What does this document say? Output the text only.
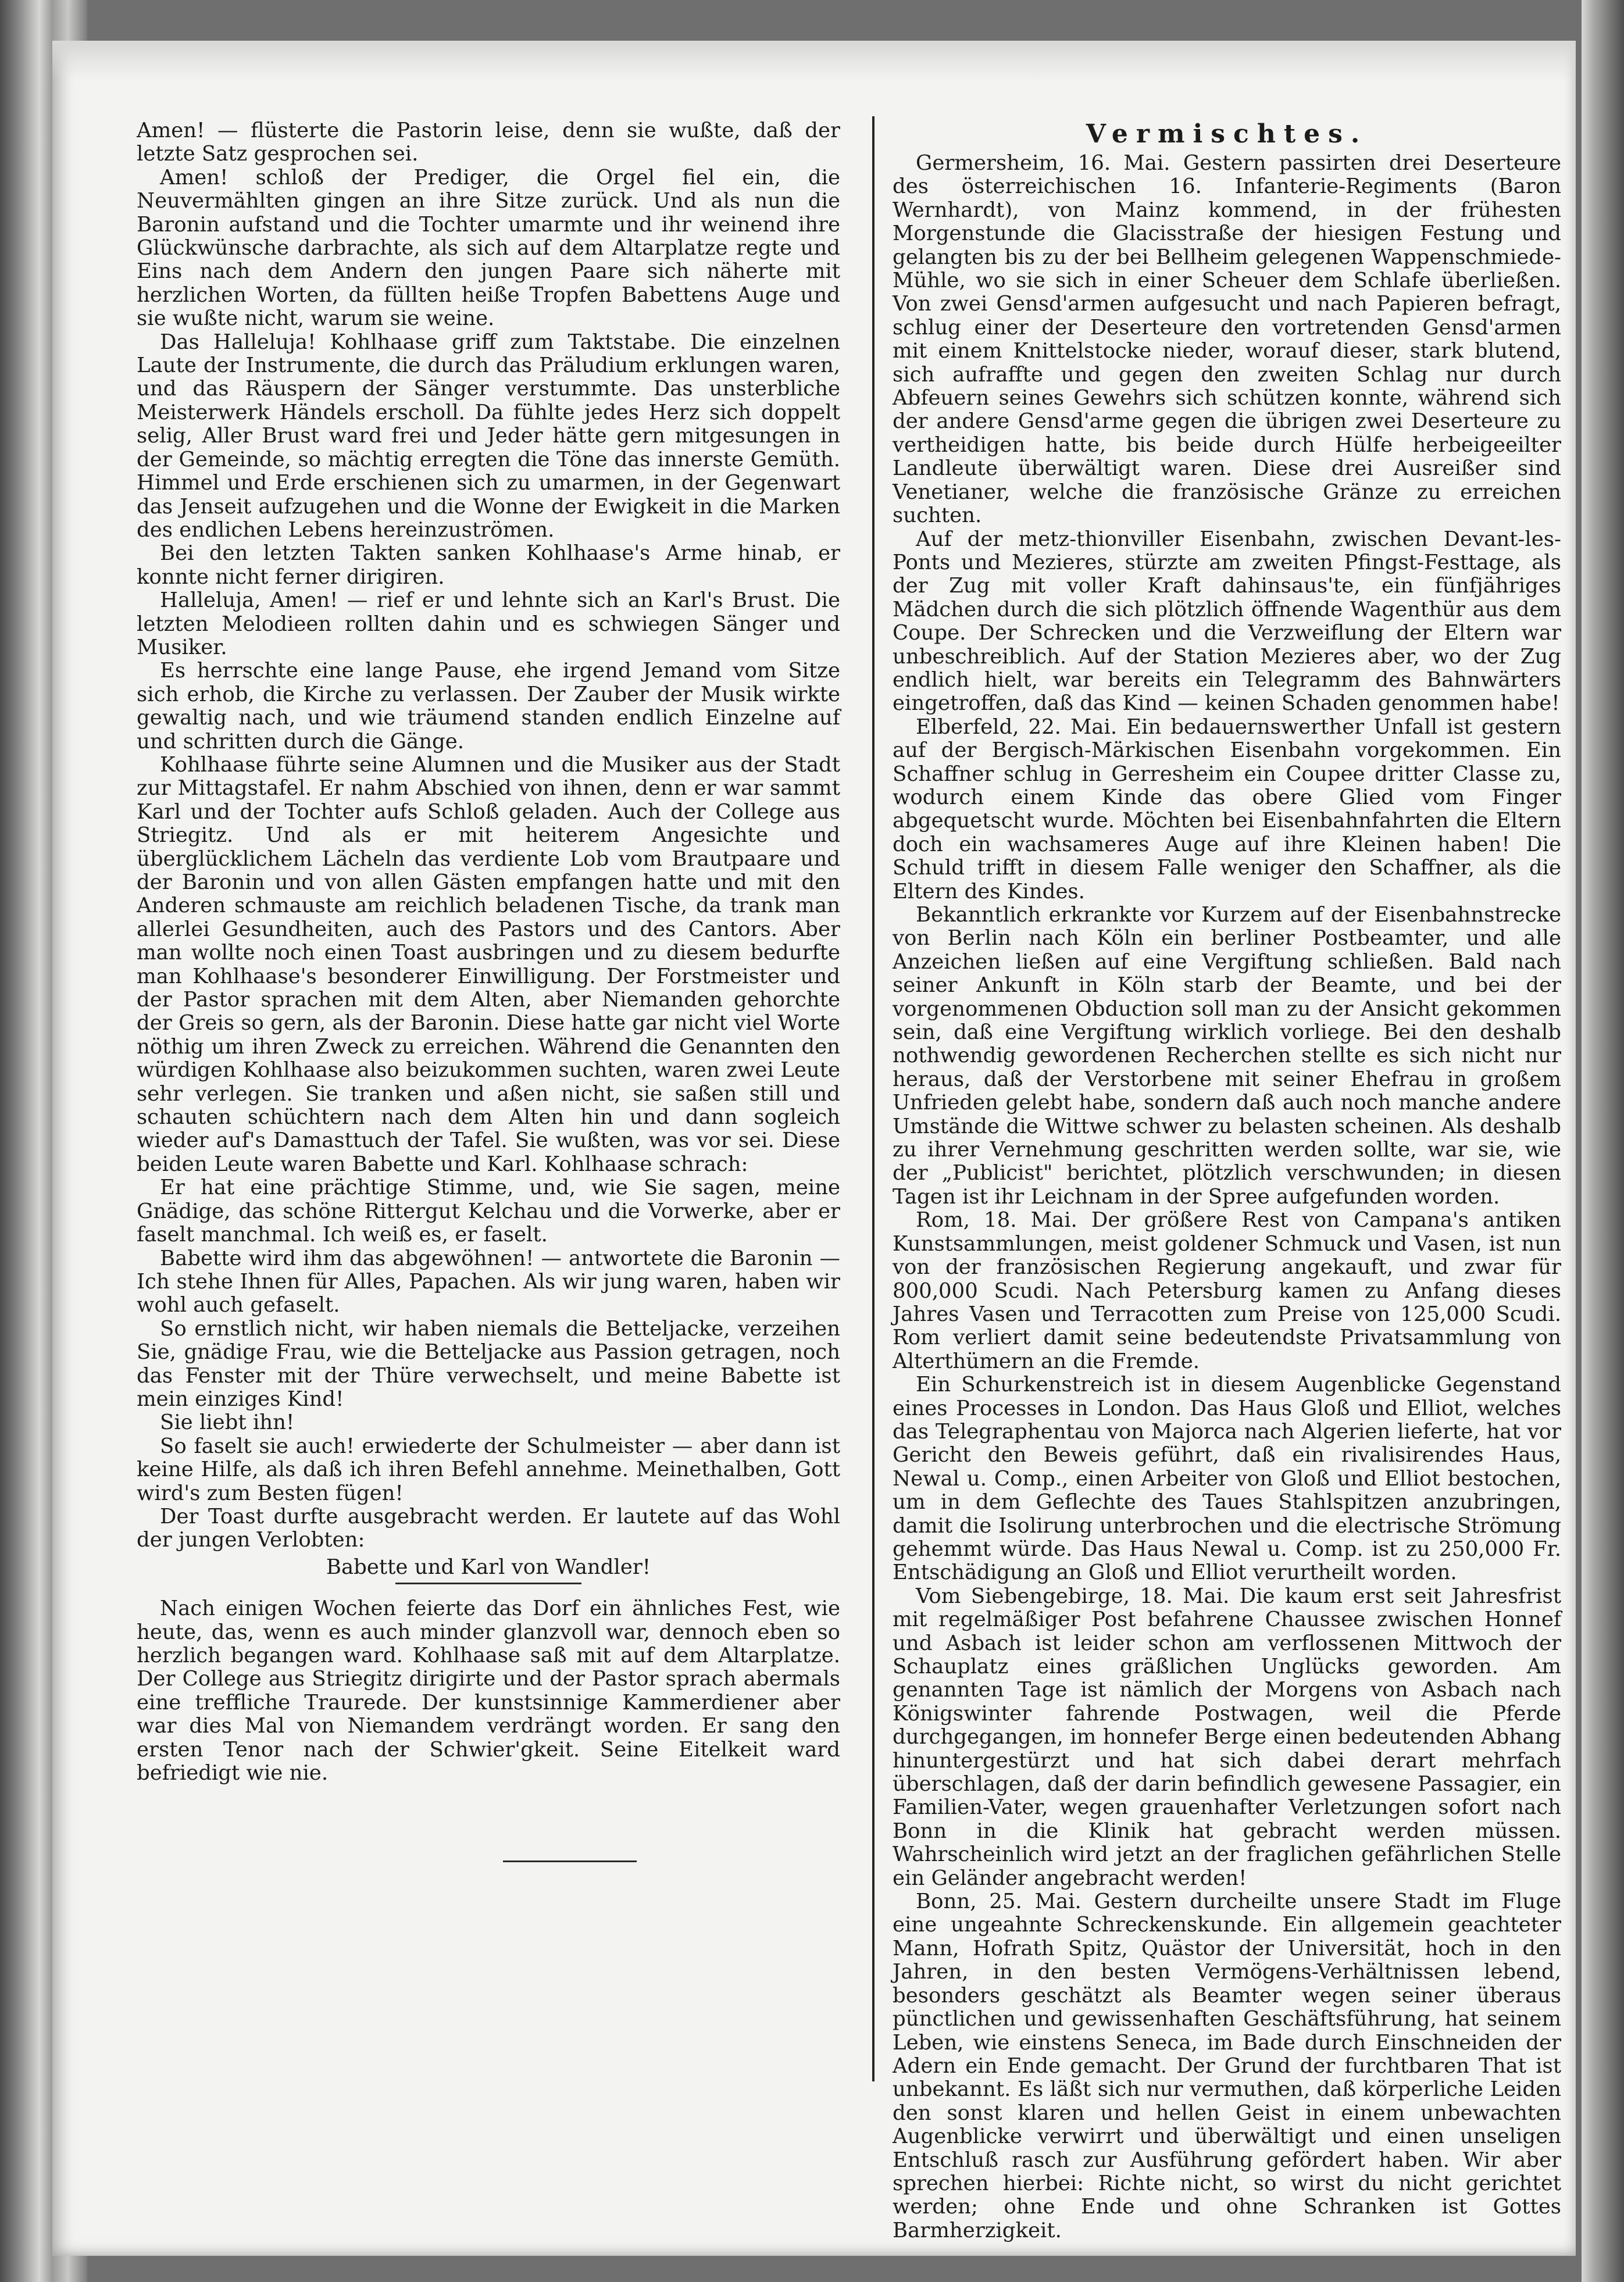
Amen! — flüsterte die Pastorin leise, denn sie wußte, daß der letzte Satz gesprochen sei.

Amen! schloß der Prediger, die Orgel fiel ein, die Neuvermählten gingen an ihre Sitze zurück. Und als nun die Baronin aufstand und die Tochter umarmte und ihr weinend ihre Glückwünsche darbrachte, als sich auf dem Altarplatze regte und Eins nach dem Andern den jungen Paare sich näherte mit herzlichen Worten, da füllten heiße Tropfen Babettens Auge und sie wußte nicht, warum sie weine.

Das Halleluja! Kohlhaase griff zum Taktstabe. Die einzelnen Laute der Instrumente, die durch das Präludium erklungen waren, und das Räuspern der Sänger verstummte. Das unsterbliche Meisterwerk Händels erscholl. Da fühlte jedes Herz sich doppelt selig, Aller Brust ward frei und Jeder hätte gern mitgesungen in der Gemeinde, so mächtig erregten die Töne das innerste Gemüth. Himmel und Erde erschienen sich zu umarmen, in der Gegenwart das Jenseit aufzugehen und die Wonne der Ewigkeit in die Marken des endlichen Lebens hereinzuströmen.

Bei den letzten Takten sanken Kohlhaase's Arme hinab, er konnte nicht ferner dirigiren.

Halleluja, Amen! — rief er und lehnte sich an Karl's Brust. Die letzten Melodieen rollten dahin und es schwiegen Sänger und Musiker.

Es herrschte eine lange Pause, ehe irgend Jemand vom Sitze sich erhob, die Kirche zu verlassen. Der Zauber der Musik wirkte gewaltig nach, und wie träumend standen endlich Einzelne auf und schritten durch die Gänge.

Kohlhaase führte seine Alumnen und die Musiker aus der Stadt zur Mittagstafel. Er nahm Abschied von ihnen, denn er war sammt Karl und der Tochter aufs Schloß geladen. Auch der College aus Striegitz. Und als er mit heiterem Angesichte und überglücklichem Lächeln das verdiente Lob vom Brautpaare und der Baronin und von allen Gästen empfangen hatte und mit den Anderen schmauste am reichlich beladenen Tische, da trank man allerlei Gesundheiten, auch des Pastors und des Cantors. Aber man wollte noch einen Toast ausbringen und zu diesem bedurfte man Kohlhaase's besonderer Einwilligung. Der Forstmeister und der Pastor sprachen mit dem Alten, aber Niemanden gehorchte der Greis so gern, als der Baronin. Diese hatte gar nicht viel Worte nöthig um ihren Zweck zu erreichen. Während die Genannten den würdigen Kohlhaase also beizukommen suchten, waren zwei Leute sehr verlegen. Sie tranken und aßen nicht, sie saßen still und schauten schüchtern nach dem Alten hin und dann sogleich wieder auf's Damasttuch der Tafel. Sie wußten, was vor sei. Diese beiden Leute waren Babette und Karl. Kohlhaase schrach:

Er hat eine prächtige Stimme, und, wie Sie sagen, meine Gnädige, das schöne Rittergut Kelchau und die Vorwerke, aber er faselt manchmal. Ich weiß es, er faselt.

Babette wird ihm das abgewöhnen! — antwortete die Baronin — Ich stehe Ihnen für Alles, Papachen. Als wir jung waren, haben wir wohl auch gefaselt.

So ernstlich nicht, wir haben niemals die Betteljacke, verzeihen Sie, gnädige Frau, wie die Betteljacke aus Passion getragen, noch das Fenster mit der Thüre verwechselt, und meine Babette ist mein einziges Kind!

Sie liebt ihn!

So faselt sie auch! erwiederte der Schulmeister — aber dann ist keine Hilfe, als daß ich ihren Befehl annehme. Meinethalben, Gott wird's zum Besten fügen!

Der Toast durfte ausgebracht werden. Er lautete auf das Wohl der jungen Verlobten:

Babette und Karl von Wandler!

Nach einigen Wochen feierte das Dorf ein ähnliches Fest, wie heute, das, wenn es auch minder glanzvoll war, dennoch eben so herzlich begangen ward. Kohlhaase saß mit auf dem Altarplatze. Der College aus Striegitz dirigirte und der Pastor sprach abermals eine treffliche Traurede. Der kunstsinnige Kammerdiener aber war dies Mal von Niemandem verdrängt worden. Er sang den ersten Tenor nach der Schwier'gkeit. Seine Eitelkeit ward befriedigt wie nie.

Vermischtes.

Germersheim, 16. Mai. Gestern passirten drei Deserteure des österreichischen 16. Infanterie-Regiments (Baron Wernhardt), von Mainz kommend, in der frühesten Morgenstunde die Glacisstraße der hiesigen Festung und gelangten bis zu der bei Bellheim gelegenen Wappenschmiede-Mühle, wo sie sich in einer Scheuer dem Schlafe überließen. Von zwei Gensd'armen aufgesucht und nach Papieren befragt, schlug einer der Deserteure den vortretenden Gensd'armen mit einem Knittelstocke nieder, worauf dieser, stark blutend, sich aufraffte und gegen den zweiten Schlag nur durch Abfeuern seines Gewehrs sich schützen konnte, während sich der andere Gensd'arme gegen die übrigen zwei Deserteure zu vertheidigen hatte, bis beide durch Hülfe herbeigeeilter Landleute überwältigt waren. Diese drei Ausreißer sind Venetianer, welche die französische Gränze zu erreichen suchten.

Auf der metz-thionviller Eisenbahn, zwischen Devant-les-Ponts und Mezieres, stürzte am zweiten Pfingst-Festtage, als der Zug mit voller Kraft dahinsaus'te, ein fünfjähriges Mädchen durch die sich plötzlich öffnende Wagenthür aus dem Coupe. Der Schrecken und die Verzweiflung der Eltern war unbeschreiblich. Auf der Station Mezieres aber, wo der Zug endlich hielt, war bereits ein Telegramm des Bahnwärters eingetroffen, daß das Kind — keinen Schaden genommen habe!

Elberfeld, 22. Mai. Ein bedauernswerther Unfall ist gestern auf der Bergisch-Märkischen Eisenbahn vorgekommen. Ein Schaffner schlug in Gerresheim ein Coupee dritter Classe zu, wodurch einem Kinde das obere Glied vom Finger abgequetscht wurde. Möchten bei Eisenbahnfahrten die Eltern doch ein wachsameres Auge auf ihre Kleinen haben! Die Schuld trifft in diesem Falle weniger den Schaffner, als die Eltern des Kindes.

Bekanntlich erkrankte vor Kurzem auf der Eisenbahnstrecke von Berlin nach Köln ein berliner Postbeamter, und alle Anzeichen ließen auf eine Vergiftung schließen. Bald nach seiner Ankunft in Köln starb der Beamte, und bei der vorgenommenen Obduction soll man zu der Ansicht gekommen sein, daß eine Vergiftung wirklich vorliege. Bei den deshalb nothwendig gewordenen Recherchen stellte es sich nicht nur heraus, daß der Verstorbene mit seiner Ehefrau in großem Unfrieden gelebt habe, sondern daß auch noch manche andere Umstände die Wittwe schwer zu belasten scheinen. Als deshalb zu ihrer Vernehmung geschritten werden sollte, war sie, wie der „Publicist" berichtet, plötzlich verschwunden; in diesen Tagen ist ihr Leichnam in der Spree aufgefunden worden.

Rom, 18. Mai. Der größere Rest von Campana's antiken Kunstsammlungen, meist goldener Schmuck und Vasen, ist nun von der französischen Regierung angekauft, und zwar für 800,000 Scudi. Nach Petersburg kamen zu Anfang dieses Jahres Vasen und Terracotten zum Preise von 125,000 Scudi. Rom verliert damit seine bedeutendste Privatsammlung von Alterthümern an die Fremde.

Ein Schurkenstreich ist in diesem Augenblicke Gegenstand eines Processes in London. Das Haus Gloß und Elliot, welches das Telegraphentau von Majorca nach Algerien lieferte, hat vor Gericht den Beweis geführt, daß ein rivalisirendes Haus, Newal u. Comp., einen Arbeiter von Gloß und Elliot bestochen, um in dem Geflechte des Taues Stahlspitzen anzubringen, damit die Isolirung unterbrochen und die electrische Strömung gehemmt würde. Das Haus Newal u. Comp. ist zu 250,000 Fr. Entschädigung an Gloß und Elliot verurtheilt worden.

Vom Siebengebirge, 18. Mai. Die kaum erst seit Jahresfrist mit regelmäßiger Post befahrene Chaussee zwischen Honnef und Asbach ist leider schon am verflossenen Mittwoch der Schauplatz eines gräßlichen Unglücks geworden. Am genannten Tage ist nämlich der Morgens von Asbach nach Königswinter fahrende Postwagen, weil die Pferde durchgegangen, im honnefer Berge einen bedeutenden Abhang hinuntergestürzt und hat sich dabei derart mehrfach überschlagen, daß der darin befindlich gewesene Passagier, ein Familien-Vater, wegen grauenhafter Verletzungen sofort nach Bonn in die Klinik hat gebracht werden müssen. Wahrscheinlich wird jetzt an der fraglichen gefährlichen Stelle ein Geländer angebracht werden!

Bonn, 25. Mai. Gestern durcheilte unsere Stadt im Fluge eine ungeahnte Schreckenskunde. Ein allgemein geachteter Mann, Hofrath Spitz, Quästor der Universität, hoch in den Jahren, in den besten Vermögens-Verhältnissen lebend, besonders geschätzt als Beamter wegen seiner überaus pünctlichen und gewissenhaften Geschäftsführung, hat seinem Leben, wie einstens Seneca, im Bade durch Einschneiden der Adern ein Ende gemacht. Der Grund der furchtbaren That ist unbekannt. Es läßt sich nur vermuthen, daß körperliche Leiden den sonst klaren und hellen Geist in einem unbewachten Augenblicke verwirrt und überwältigt und einen unseligen Entschluß rasch zur Ausführung gefördert haben. Wir aber sprechen hierbei: Richte nicht, so wirst du nicht gerichtet werden; ohne Ende und ohne Schranken ist Gottes Barmherzigkeit.
